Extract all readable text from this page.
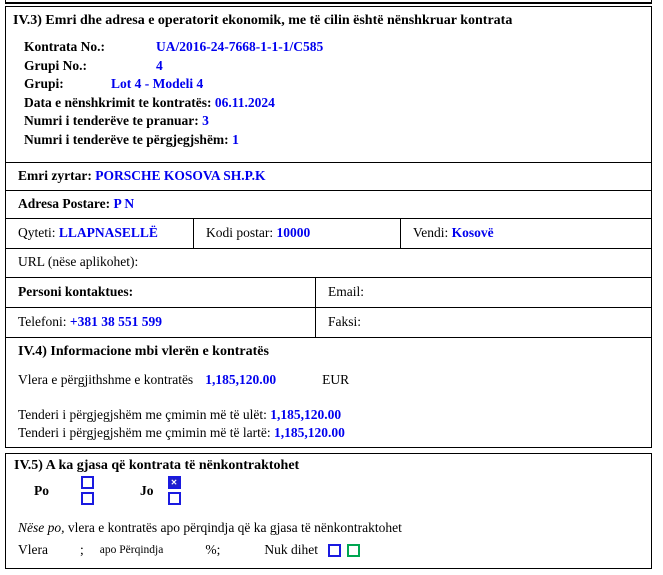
IV.3) Emri dhe adresa e operatorit ekonomik, me të cilin është nënshkruar kontrata
Kontrata No.:	UA/2016-24-7668-1-1-1/C585
Grupi No.:	4
Grupi:	Lot 4 - Modeli 4
Data e nënshkrimit te kontratës: 06.11.2024
Numri i tenderëve te pranuar: 3
Numri i tenderëve te përgjegjshëm: 1
Emri zyrtar: PORSCHE KOSOVA SH.P.K
Adresa Postare: P N
Qyteti: LLAPNASELLË	Kodi postar: 10000	Vendi: Kosovë
URL (nëse aplikohet):
Personi kontaktues:	Email:
Telefoni: +381 38 551 599	Faksi:
IV.4) Informacione mbi vlerën e kontratës
Vlera e përgjithshme e kontratës 1,185,120.00	EUR
Tenderi i përgjegjshëm me çmimin më të ulët: 1,185,120.00
Tenderi i përgjegjshëm me çmimin më të lartë: 1,185,120.00
IV.5) A ka gjasa që kontrata të nënkontraktohet
Po	Jo
✕
Nëse po, vlera e kontratës apo përqindja që ka gjasa të nënkontraktohet
Vlera	; apo Përqindja	%;	Nuk dihet
